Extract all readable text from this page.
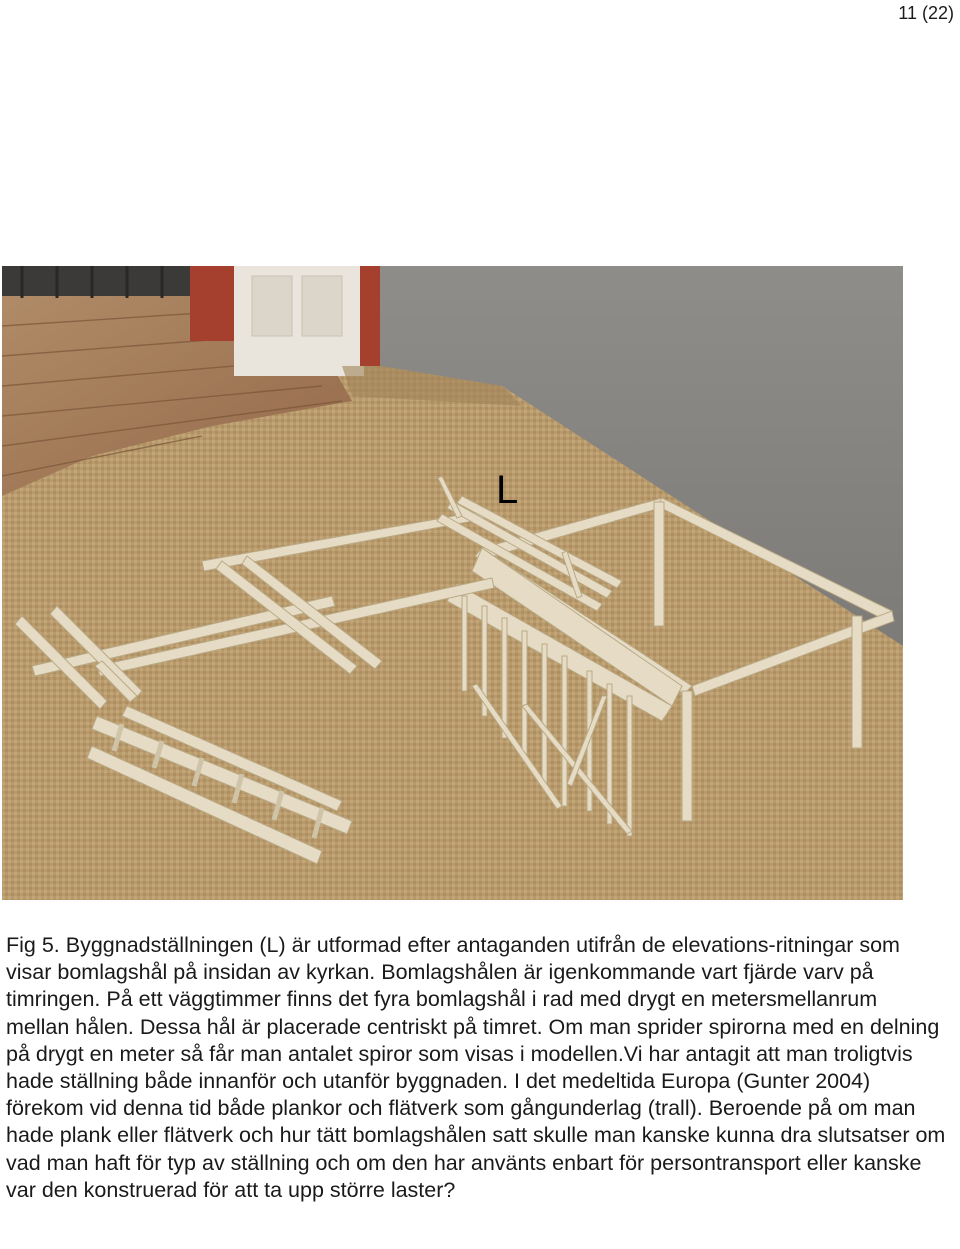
11 (22)
L

Fig 5. Byggnadställningen (L) är utformad efter antaganden utifrån de elevations-ritningar som visar bomlagshål på insidan av kyrkan. Bomlagshålen är igenkommande vart fjärde varv på timringen. På ett väggtimmer finns det fyra bomlagshål i rad med drygt en metersmellanrum mellan hålen. Dessa hål är placerade centriskt på timret. Om man sprider spirorna med en delning på drygt en meter så får man antalet spiror som visas i modellen.Vi har antagit att man troligtvis hade ställning både innanför och utanför byggnaden. I det medeltida Europa (Gunter 2004) förekom vid denna tid både plankor och flätverk som gångunderlag (trall). Beroende på om man hade plank eller flätverk och hur tätt bomlagshålen satt skulle man kanske kunna dra slutsatser om vad man haft för typ av ställning och om den har använts enbart för persontransport eller kanske var den konstruerad för att ta upp större laster?
